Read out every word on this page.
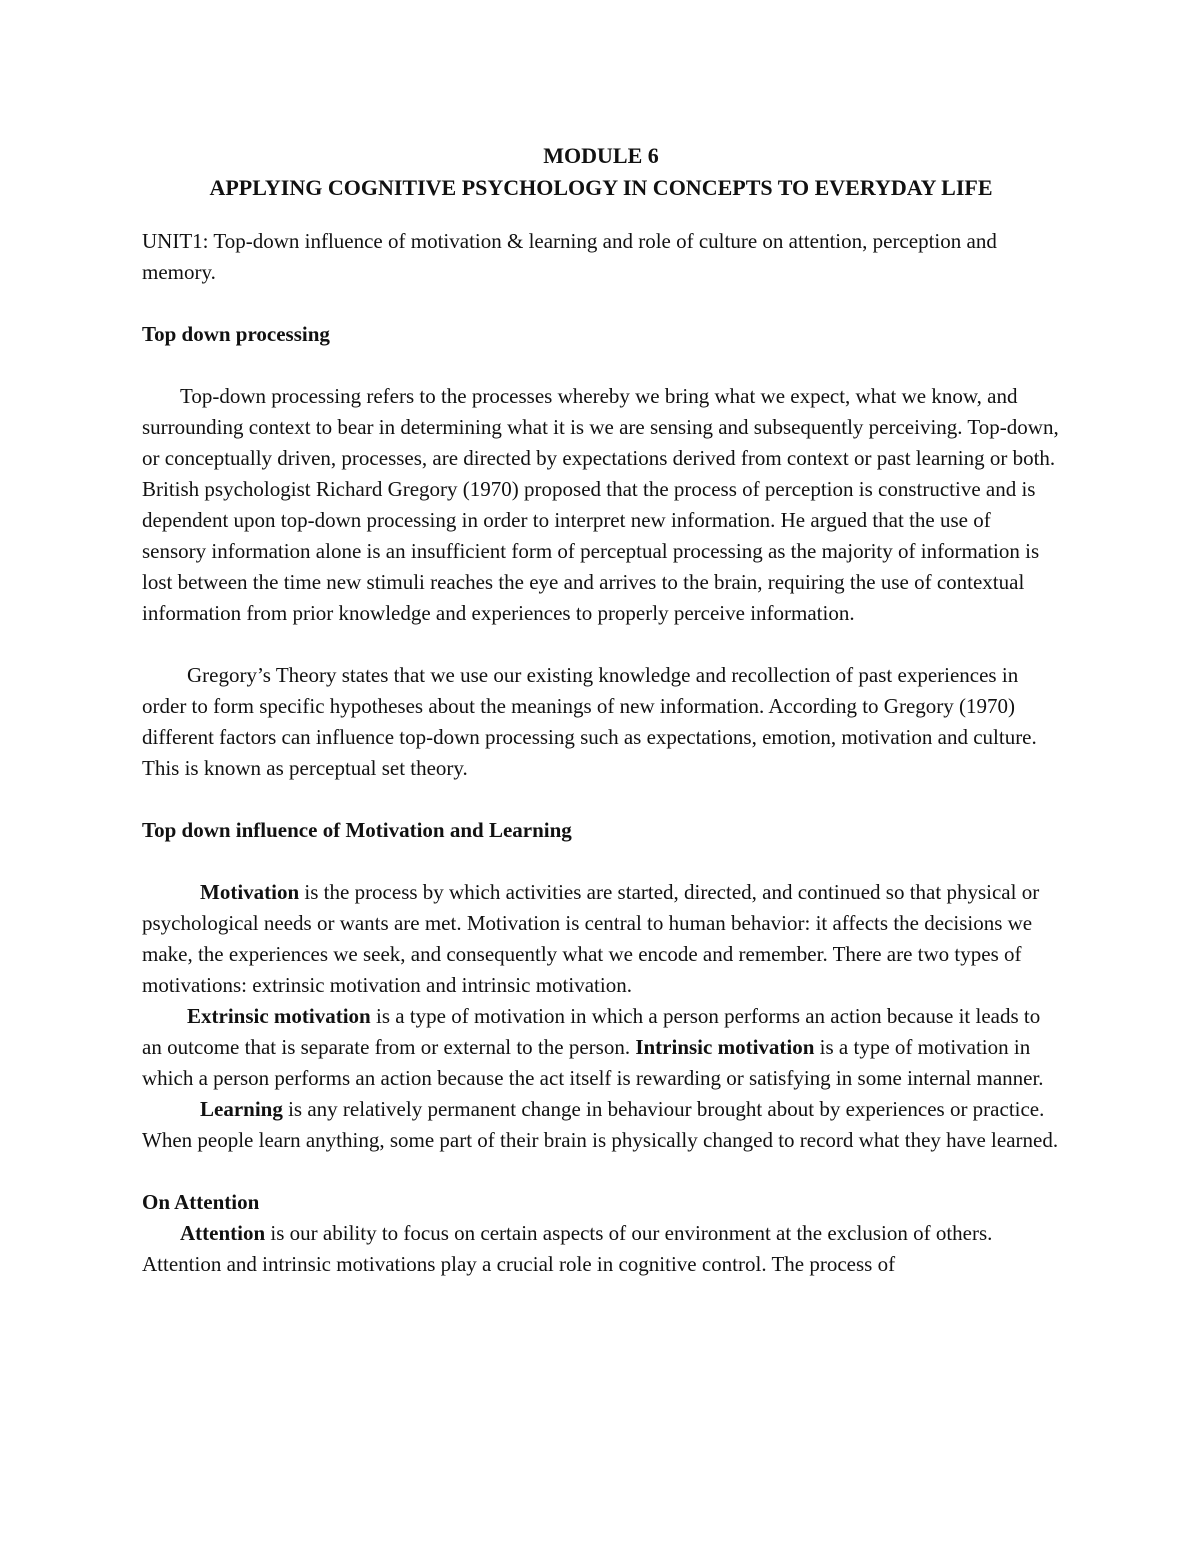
MODULE 6

APPLYING COGNITIVE PSYCHOLOGY IN CONCEPTS TO EVERYDAY LIFE

UNIT1: Top-down influence of motivation & learning and role of culture on attention, perception and memory.

Top down processing

Top-down processing refers to the processes whereby we bring what we expect, what we know, and surrounding context to bear in determining what it is we are sensing and subsequently perceiving. Top-down, or conceptually driven, processes, are directed by expectations derived from context or past learning or both. British psychologist Richard Gregory (1970) proposed that the process of perception is constructive and is dependent upon top-down processing in order to interpret new information. He argued that the use of sensory information alone is an insufficient form of perceptual processing as the majority of information is lost between the time new stimuli reaches the eye and arrives to the brain, requiring the use of contextual information from prior knowledge and experiences to properly perceive information.

Gregory’s Theory states that we use our existing knowledge and recollection of past experiences in order to form specific hypotheses about the meanings of new information. According to Gregory (1970) different factors can influence top-down processing such as expectations, emotion, motivation and culture. This is known as perceptual set theory.

Top down influence of Motivation and Learning

Motivation is the process by which activities are started, directed, and continued so that physical or psychological needs or wants are met. Motivation is central to human behavior: it affects the decisions we make, the experiences we seek, and consequently what we encode and remember. There are two types of motivations: extrinsic motivation and intrinsic motivation.

Extrinsic motivation is a type of motivation in which a person performs an action because it leads to an outcome that is separate from or external to the person. Intrinsic motivation is a type of motivation in which a person performs an action because the act itself is rewarding or satisfying in some internal manner.

Learning is any relatively permanent change in behaviour brought about by experiences or practice. When people learn anything, some part of their brain is physically changed to record what they have learned.

On Attention

Attention is our ability to focus on certain aspects of our environment at the exclusion of others. Attention and intrinsic motivations play a crucial role in cognitive control. The process of
